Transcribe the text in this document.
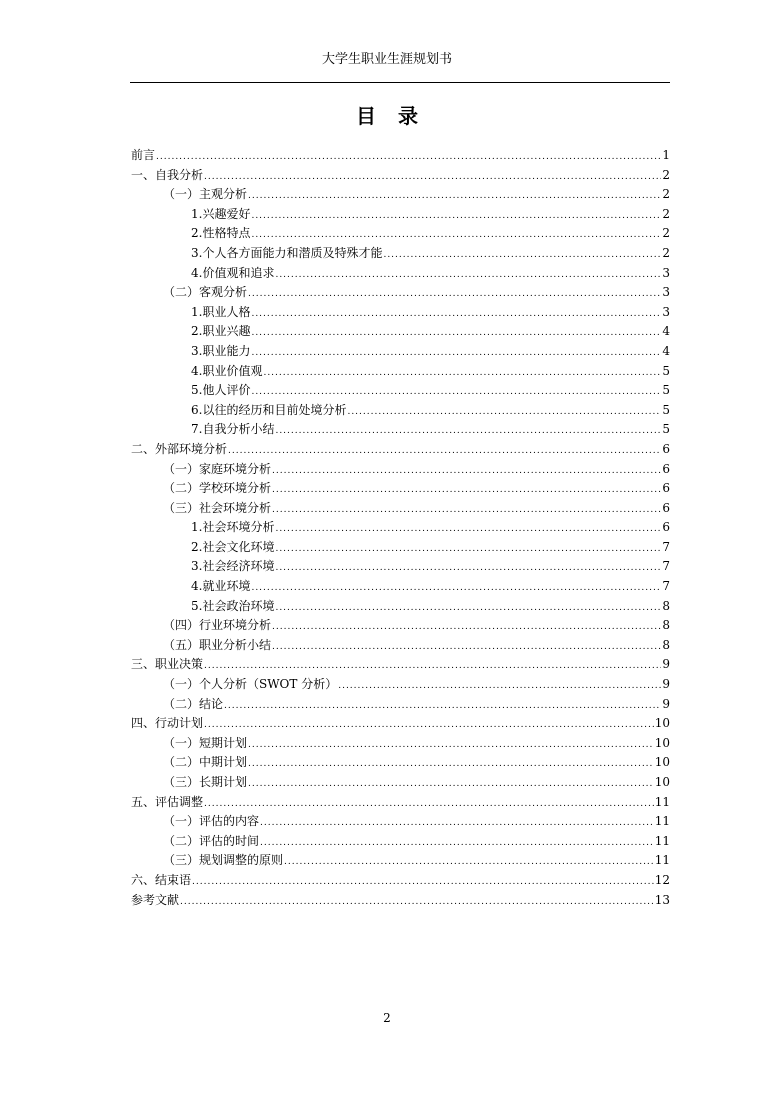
大学生职业生涯规划书
目录
前言 .....	1
一、自我分析 .....	2
（一）主观分析 .....	2
1.兴趣爱好 .....	2
2.性格特点 .....	2
3.个人各方面能力和潜质及特殊才能 .....	2
4.价值观和追求 .....	3
（二）客观分析 .....	3
1.职业人格 .....	3
2.职业兴趣 .....	4
3.职业能力 .....	4
4.职业价值观 .....	5
5.他人评价 .....	5
6.以往的经历和目前处境分析 .....	5
7.自我分析小结 .....	5
二、外部环境分析 .....	6
（一）家庭环境分析 .....	6
（二）学校环境分析 .....	6
（三）社会环境分析 .....	6
1.社会环境分析 .....	6
2.社会文化环境 .....	7
3.社会经济环境 .....	7
4.就业环境 .....	7
5.社会政治环境 .....	8
（四）行业环境分析 .....	8
（五）职业分析小结 .....	8
三、职业决策 .....	9
（一）个人分析（SWOT 分析） .....	9
（二）结论 .....	9
四、行动计划 .....	10
（一）短期计划 .....	10
（二）中期计划 .....	10
（三）长期计划 .....	10
五、评估调整 .....	11
（一）评估的内容 .....	11
（二）评估的时间 .....	11
（三）规划调整的原则 .....	11
六、结束语 .....	12
参考文献 .....	13
2
